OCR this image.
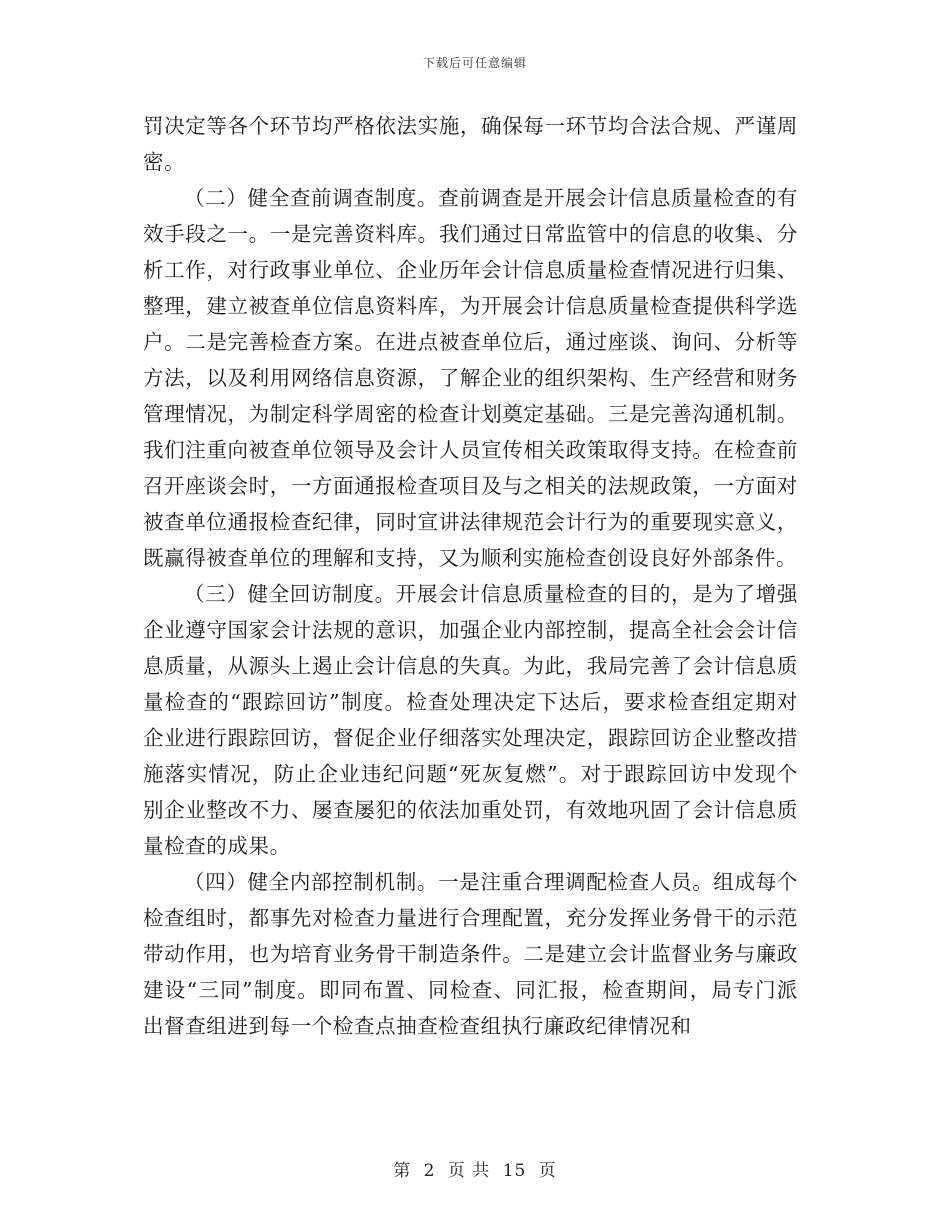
下载后可任意编辑

罚决定等各个环节均严格依法实施，确保每一环节均合法合规、严谨周密。

（二）健全查前调查制度。查前调查是开展会计信息质量检查的有效手段之一。一是完善资料库。我们通过日常监管中的信息的收集、分析工作，对行政事业单位、企业历年会计信息质量检查情况进行归集、整理，建立被查单位信息资料库，为开展会计信息质量检查提供科学选户。二是完善检查方案。在进点被查单位后，通过座谈、询问、分析等方法，以及利用网络信息资源，了解企业的组织架构、生产经营和财务管理情况，为制定科学周密的检查计划奠定基础。三是完善沟通机制。我们注重向被查单位领导及会计人员宣传相关政策取得支持。在检查前召开座谈会时，一方面通报检查项目及与之相关的法规政策，一方面对被查单位通报检查纪律，同时宣讲法律规范会计行为的重要现实意义，既赢得被查单位的理解和支持，又为顺利实施检查创设良好外部条件。

（三）健全回访制度。开展会计信息质量检查的目的，是为了增强企业遵守国家会计法规的意识，加强企业内部控制，提高全社会会计信息质量，从源头上遏止会计信息的失真。为此，我局完善了会计信息质量检查的“跟踪回访”制度。检查处理决定下达后，要求检查组定期对企业进行跟踪回访，督促企业仔细落实处理决定，跟踪回访企业整改措施落实情况，防止企业违纪问题“死灰复燃”。对于跟踪回访中发现个别企业整改不力、屡查屡犯的依法加重处罚，有效地巩固了会计信息质量检查的成果。

（四）健全内部控制机制。一是注重合理调配检查人员。组成每个检查组时，都事先对检查力量进行合理配置，充分发挥业务骨干的示范带动作用，也为培育业务骨干制造条件。二是建立会计监督业务与廉政建设“三同”制度。即同布置、同检查、同汇报，检查期间，局专门派出督查组进到每一个检查点抽查检查组执行廉政纪律情况和

第 2 页 共 15 页
